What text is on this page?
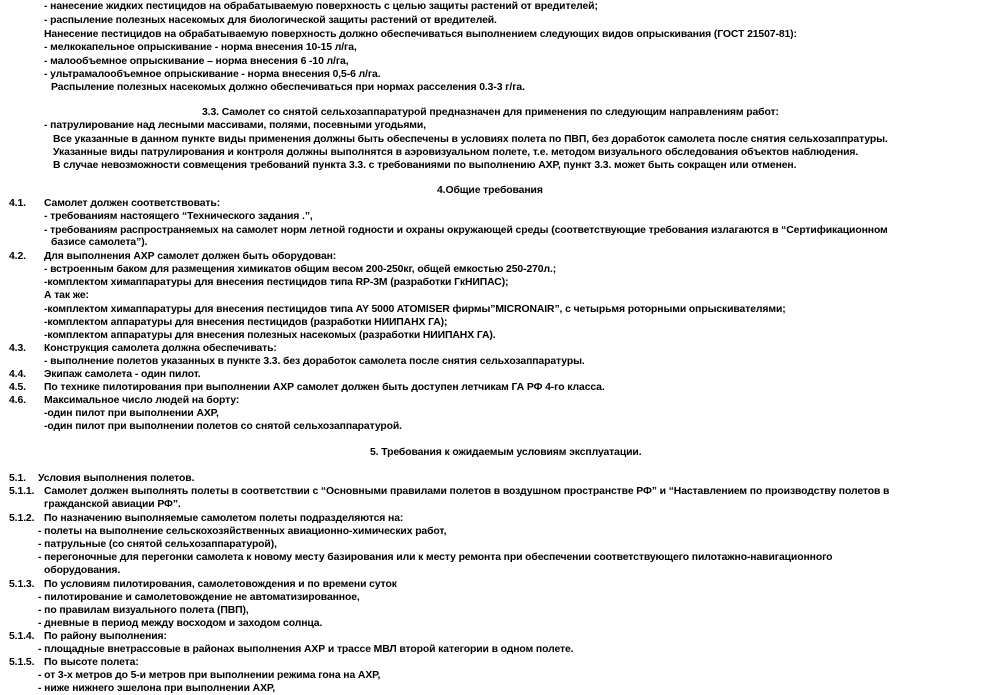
- нанесение жидких пестицидов на обрабатываемую поверхность с целью защиты растений от вредителей;
- распыление полезных насекомых для биологической защиты растений от вредителей.
Нанесение пестицидов на обрабатываемую поверхность должно обеспечиваться выполнением следующих видов опрыскивания (ГОСТ 21507-81):
- мелкокапельное опрыскивание - норма внесения 10-15 л/га,
- малообъемное опрыскивание – норма внесения 6 -10 л/га,
- ультрамалообъемное опрыскивание - норма внесения 0,5-6 л/га.
Распыление полезных насекомых должно обеспечиваться при нормах расселения 0.3-3 г/га.
3.3. Самолет со снятой сельхозаппаратурой предназначен для применения по следующим направлениям работ:
- патрулирование над лесными массивами, полями, посевными угодьями,
Все указанные в данном пункте виды применения должны быть обеспечены в условиях полета по ПВП, без доработок самолета после снятия сельхозаппратуры.
Указанные виды патрулирования и контроля должны выполнятся в аэровизуальном полете, т.е. методом визуального обследования объектов наблюдения.
В случае невозможности совмещения требований пункта 3.3. с требованиями по выполнению АХР, пункт 3.3. может быть сокращен или отменен.
4.Общие требования
4.1. Самолет должен соответствовать:
- требованиям настоящего “Технического задания .”,
- требованиям распространяемых на самолет норм летной годности и охраны окружающей среды (соответствующие требования излагаются в “Сертификационном
базисе самолета”).
4.2. Для выполнения АХР самолет должен быть оборудован:
- встроенным баком для размещения химикатов общим весом 200-250кг, общей емкостью 250-270л.;
-комплектом химаппаратуры для внесения пестицидов типа RP-3M (разработки ГкНИПАС);
А так же:
-комплектом химаппаратуры для внесения пестицидов типа AY 5000 ATOMISER фирмы”MICRONAIR”, с четырьмя роторными опрыскивателями;
-комплектом аппаратуры для внесения пестицидов (разработки НИИПАНХ ГА);
-комплектом аппаратуры для внесения полезных насекомых (разработки НИИПАНХ ГА).
4.3. Конструкция самолета должна обеспечивать:
- выполнение полетов указанных в пункте 3.3. без доработок самолета после снятия сельхозаппаратуры.
4.4. Экипаж самолета - один пилот.
4.5. По технике пилотирования при выполнении АХР самолет должен быть доступен летчикам ГА РФ 4-го класса.
4.6. Максимальное число людей на борту:
-один пилот при выполнении АХР,
-один пилот при выполнении полетов со снятой сельхозаппаратурой.
5. Требования к ожидаемым условиям эксплуатации.
5.1. Условия выполнения полетов.
5.1.1. Самолет должен выполнять полеты в соответствии с “Основными правилами полетов в воздушном пространстве РФ” и “Наставлением по производству полетов в
гражданской авиации РФ”.
5.1.2. По назначению выполняемые самолетом полеты подразделяются на:
- полеты на выполнение сельскохозяйственных авиационно-химических работ,
- патрульные (со снятой сельхозаппаратурой),
- перегоночные для перегонки самолета к новому месту базирования или к месту ремонта при обеспечении соответствующего пилотажно-навигационного
оборудования.
5.1.3. По условиям пилотирования, самолетовождения и по времени суток
- пилотирование и самолетовождение не автоматизированное,
- по правилам визуального полета (ПВП),
- дневные в период между восходом и заходом солнца.
5.1.4. По району выполнения:
- площадные внетрассовые в районах выполнения АХР и трассе МВЛ второй категории в одном полете.
5.1.5. По высоте полета:
- от 3-х метров до 5-и метров при выполнении режима гона на АХР,
- ниже нижнего эшелона при выполнении АХР,
